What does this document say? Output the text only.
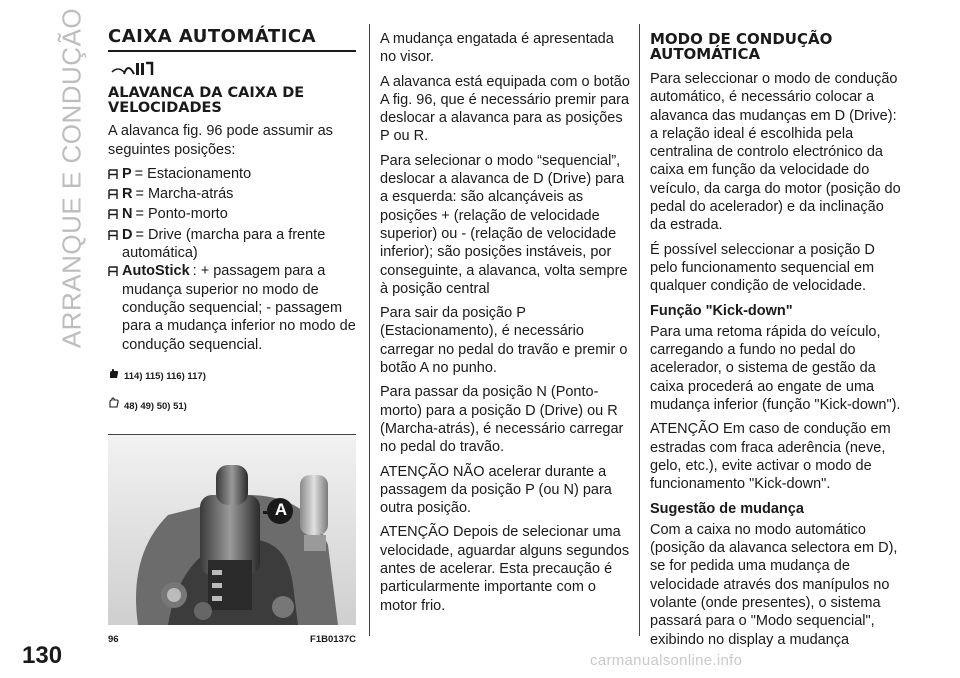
ARRANQUE E CONDUÇÃO
130	carmanualsonline.info
CAIXA AUTOMÁTICA
ALAVANCA DA CAIXA DE VELOCIDADES

A alavanca fig. 96 pode assumir as seguintes posições:

P = Estacionamento
R = Marcha-atrás
N = Ponto-morto
D = Drive (marcha para a frente automática)
AutoStick : + passagem para a mudança superior no modo de condução sequencial; - passagem para a mudança inferior no modo de condução sequencial.
114) 115) 116) 117)
48) 49) 50) 51)
A
96	F1B0137C

A mudança engatada é apresentada no visor.

A alavanca está equipada com o botão A fig. 96, que é necessário premir para deslocar a alavanca para as posições P ou R.

Para selecionar o modo “sequencial”, deslocar a alavanca de D (Drive) para a esquerda: são alcançáveis as posições + (relação de velocidade superior) ou - (relação de velocidade inferior); são posições instáveis, por conseguinte, a alavanca, volta sempre à posição central

Para sair da posição P (Estacionamento), é necessário carregar no pedal do travão e premir o botão A no punho.

Para passar da posição N (Ponto-morto) para a posição D (Drive) ou R (Marcha-atrás), é necessário carregar no pedal do travão.

ATENÇÃO NÃO acelerar durante a passagem da posição P (ou N) para outra posição.

ATENÇÃO Depois de selecionar uma velocidade, aguardar alguns segundos antes de acelerar. Esta precaução é particularmente importante com o motor frio.

MODO DE CONDUÇÃO AUTOMÁTICA

Para seleccionar o modo de condução automático, é necessário colocar a alavanca das mudanças em D (Drive): a relação ideal é escolhida pela centralina de controlo electrónico da caixa em função da velocidade do veículo, da carga do motor (posição do pedal do acelerador) e da inclinação da estrada.

É possível seleccionar a posição D pelo funcionamento sequencial em qualquer condição de velocidade.

Função "Kick-down"

Para uma retoma rápida do veículo, carregando a fundo no pedal do acelerador, o sistema de gestão da caixa procederá ao engate de uma mudança inferior (função "Kick-down").

ATENÇÃO Em caso de condução em estradas com fraca aderência (neve, gelo, etc.), evite activar o modo de funcionamento "Kick-down".

Sugestão de mudança

Com a caixa no modo automático (posição da alavanca selectora em D), se for pedida uma mudança de velocidade através dos manípulos no volante (onde presentes), o sistema passará para o "Modo sequencial", exibindo no display a mudança
